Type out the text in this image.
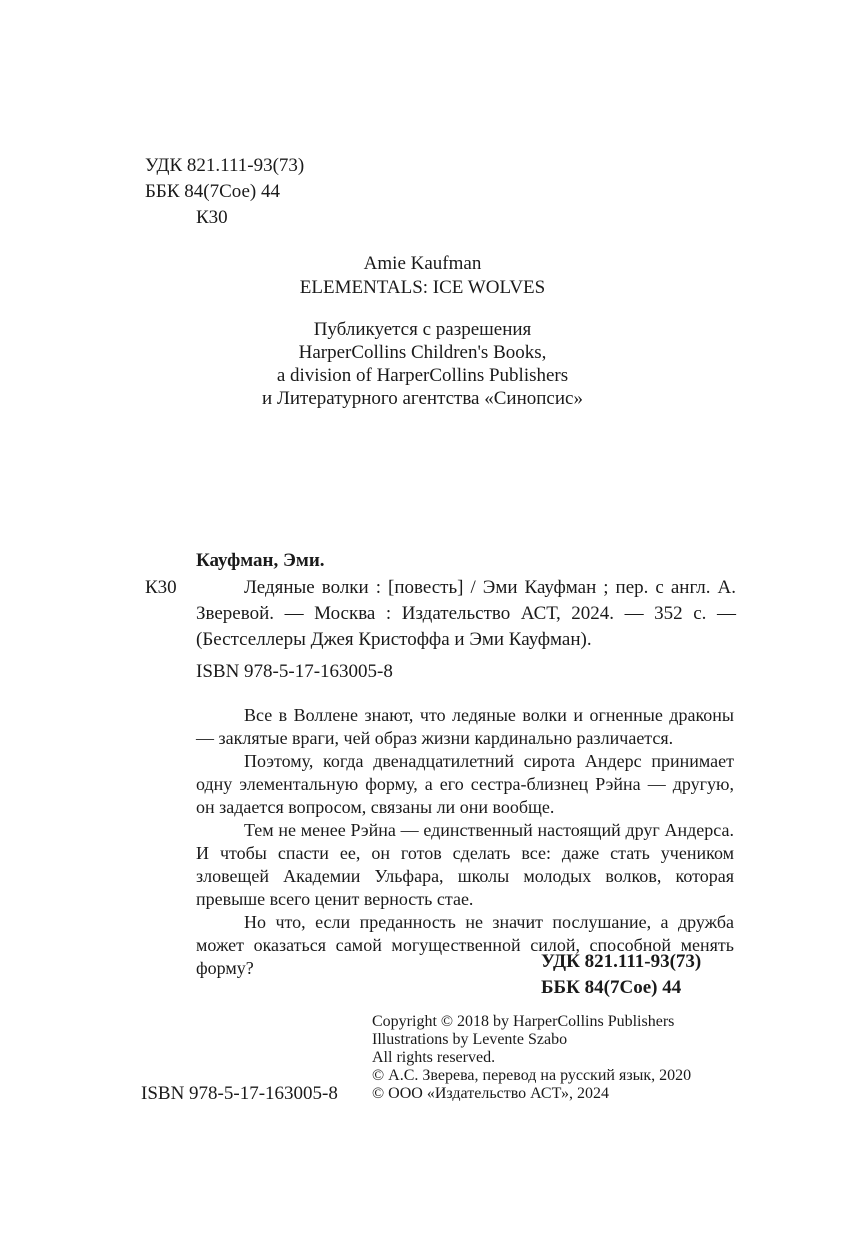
УДК 821.111-93(73)
ББК 84(7Сое) 44
К30
Amie Kaufman
ELEMENTALS: ICE WOLVES
Публикуется с разрешения
HarperCollins Children's Books,
a division of HarperCollins Publishers
и Литературного агентства «Синопсис»
Кауфман, Эми.
К30	Ледяные волки : [повесть] / Эми Кауфман ; пер. с англ. А. Зверевой. — Москва : Издательство АСТ, 2024. — 352 с. — (Бестселлеры Джея Кристоффа и Эми Кауфман).
ISBN 978-5-17-163005-8

Все в Воллене знают, что ледяные волки и огненные драконы — заклятые враги, чей образ жизни кардинально различается.

Поэтому, когда двенадцатилетний сирота Андерс принимает одну элементальную форму, а его сестра-близнец Рэйна — другую, он задается вопросом, связаны ли они вообще.

Тем не менее Рэйна — единственный настоящий друг Андерса. И чтобы спасти ее, он готов сделать все: даже стать учеником зловещей Академии Ульфара, школы молодых волков, которая превыше всего ценит верность стае.

Но что, если преданность не значит послушание, а дружба может оказаться самой могущественной силой, способной менять форму?	УДК 821.111-93(73)
ББК 84(7Сое) 44
Copyright © 2018 by HarperCollins Publishers
Illustrations by Levente Szabo
All rights reserved.
© А.С. Зверева, перевод на русский язык, 2020
© ООО «Издательство АСТ», 2024
ISBN 978-5-17-163005-8
